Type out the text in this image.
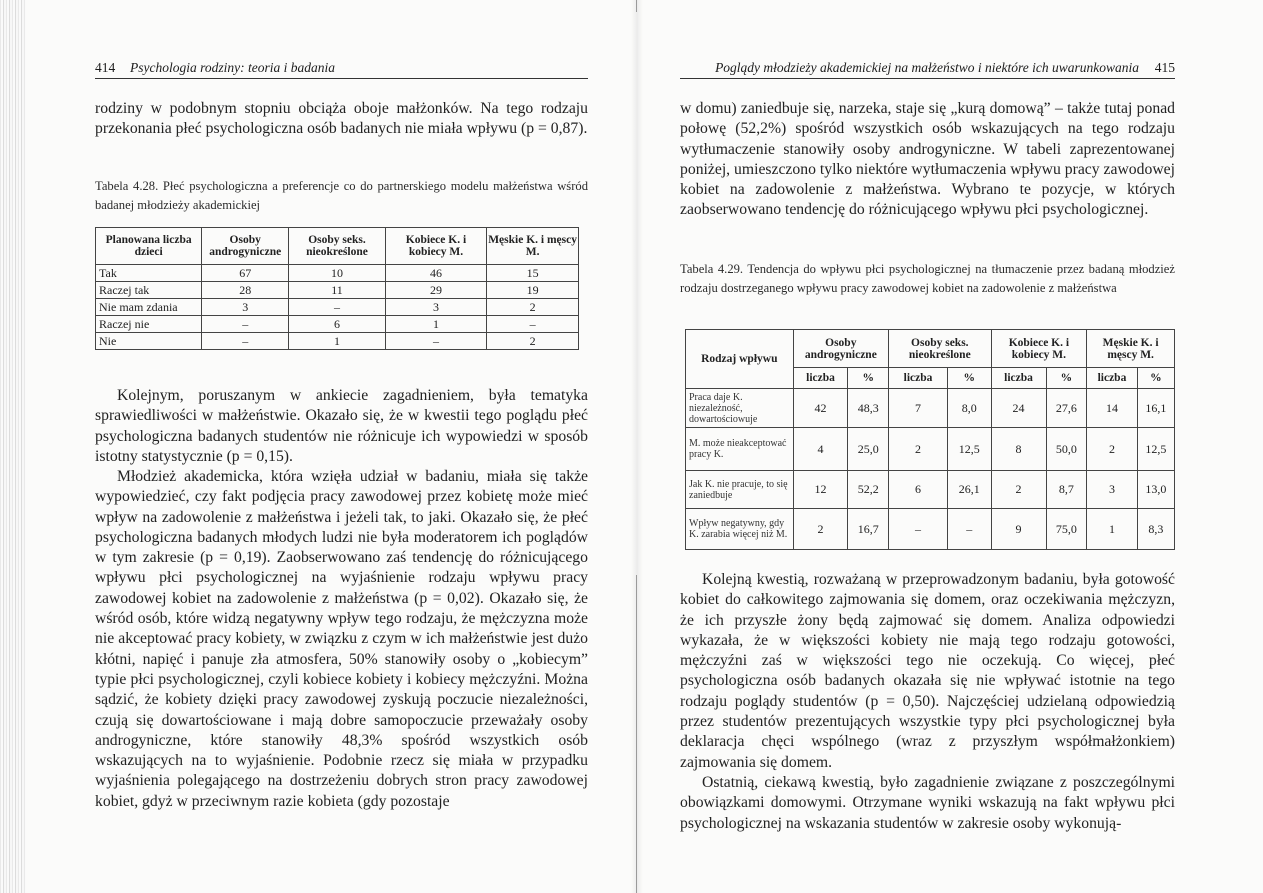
414 Psychologia rodziny: teoria i badania

rodziny w podobnym stopniu obciąża oboje małżonków. Na tego rodzaju przekonania płeć psychologiczna osób badanych nie miała wpływu (p = 0,87).

Tabela 4.28. Płeć psychologiczna a preferencje co do partnerskiego modelu małżeństwa wśród badanej młodzieży akademickiej

Planowana liczba dzieci	Osoby androgyniczne	Osoby seks. nieokreślone	Kobiece K. i kobiecy M.	Męskie K. i męscy M.
Tak	67	10	46	15
Raczej tak	28	11	29	19
Nie mam zdania	3	–	3	2
Raczej nie	–	6	1	–
Nie	–	1	–	2

Kolejnym, poruszanym w ankiecie zagadnieniem, była tematyka sprawiedliwości w małżeństwie. Okazało się, że w kwestii tego poglądu płeć psychologiczna badanych studentów nie różnicuje ich wypowiedzi w sposób istotny statystycznie (p = 0,15).

Młodzież akademicka, która wzięła udział w badaniu, miała się także wypowiedzieć, czy fakt podjęcia pracy zawodowej przez kobietę może mieć wpływ na zadowolenie z małżeństwa i jeżeli tak, to jaki. Okazało się, że płeć psychologiczna badanych młodych ludzi nie była moderatorem ich poglądów w tym zakresie (p = 0,19). Zaobserwowano zaś tendencję do różnicującego wpływu płci psychologicznej na wyjaśnienie rodzaju wpływu pracy zawodowej kobiet na zadowolenie z małżeństwa (p = 0,02). Okazało się, że wśród osób, które widzą negatywny wpływ tego rodzaju, że mężczyzna może nie akceptować pracy kobiety, w związku z czym w ich małżeństwie jest dużo kłótni, napięć i panuje zła atmosfera, 50% stanowiły osoby o „kobiecym” typie płci psychologicznej, czyli kobiece kobiety i kobiecy mężczyźni. Można sądzić, że kobiety dzięki pracy zawodowej zyskują poczucie niezależności, czują się dowartościowane i mają dobre samopoczucie przeważały osoby androgyniczne, które stanowiły 48,3% spośród wszystkich osób wskazujących na to wyjaśnienie. Podobnie rzecz się miała w przypadku wyjaśnienia polegającego na dostrzeżeniu dobrych stron pracy zawodowej kobiet, gdyż w przeciwnym razie kobieta (gdy pozostaje

Poglądy młodzieży akademickiej na małżeństwo i niektóre ich uwarunkowania 415

w domu) zaniedbuje się, narzeka, staje się „kurą domową” – także tutaj ponad połowę (52,2%) spośród wszystkich osób wskazujących na tego rodzaju wytłumaczenie stanowiły osoby androgyniczne. W tabeli zaprezentowanej poniżej, umieszczono tylko niektóre wytłumaczenia wpływu pracy zawodowej kobiet na zadowolenie z małżeństwa. Wybrano te pozycje, w których zaobserwowano tendencję do różnicującego wpływu płci psychologicznej.

Tabela 4.29. Tendencja do wpływu płci psychologicznej na tłumaczenie przez badaną młodzież rodzaju dostrzeganego wpływu pracy zawodowej kobiet na zadowolenie z małżeństwa

Rodzaj wpływu	Osoby androgyniczne		Osoby seks. nieokreślone		Kobiece K. i kobiecy M.		Męskie K. i męscy M.	
	liczba	%	liczba	%	liczba	%	liczba	%
Praca daje K. niezależność, dowartościowuje	42	48,3	7	8,0	24	27,6	14	16,1
M. może nieakceptować pracy K.	4	25,0	2	12,5	8	50,0	2	12,5
Jak K. nie pracuje, to się zaniedbuje	12	52,2	6	26,1	2	8,7	3	13,0
Wpływ negatywny, gdy K. zarabia więcej niż M.	2	16,7	–	–	9	75,0	1	8,3

Kolejną kwestią, rozważaną w przeprowadzonym badaniu, była gotowość kobiet do całkowitego zajmowania się domem, oraz oczekiwania mężczyzn, że ich przyszłe żony będą zajmować się domem. Analiza odpowiedzi wykazała, że w większości kobiety nie mają tego rodzaju gotowości, mężczyźni zaś w większości tego nie oczekują. Co więcej, płeć psychologiczna osób badanych okazała się nie wpływać istotnie na tego rodzaju poglądy studentów (p = 0,50). Najczęściej udzielaną odpowiedzią przez studentów prezentujących wszystkie typy płci psychologicznej była deklaracja chęci wspólnego (wraz z przyszłym współmałżonkiem) zajmowania się domem.

Ostatnią, ciekawą kwestią, było zagadnienie związane z poszczególnymi obowiązkami domowymi. Otrzymane wyniki wskazują na fakt wpływu płci psychologicznej na wskazania studentów w zakresie osoby wykonują-
